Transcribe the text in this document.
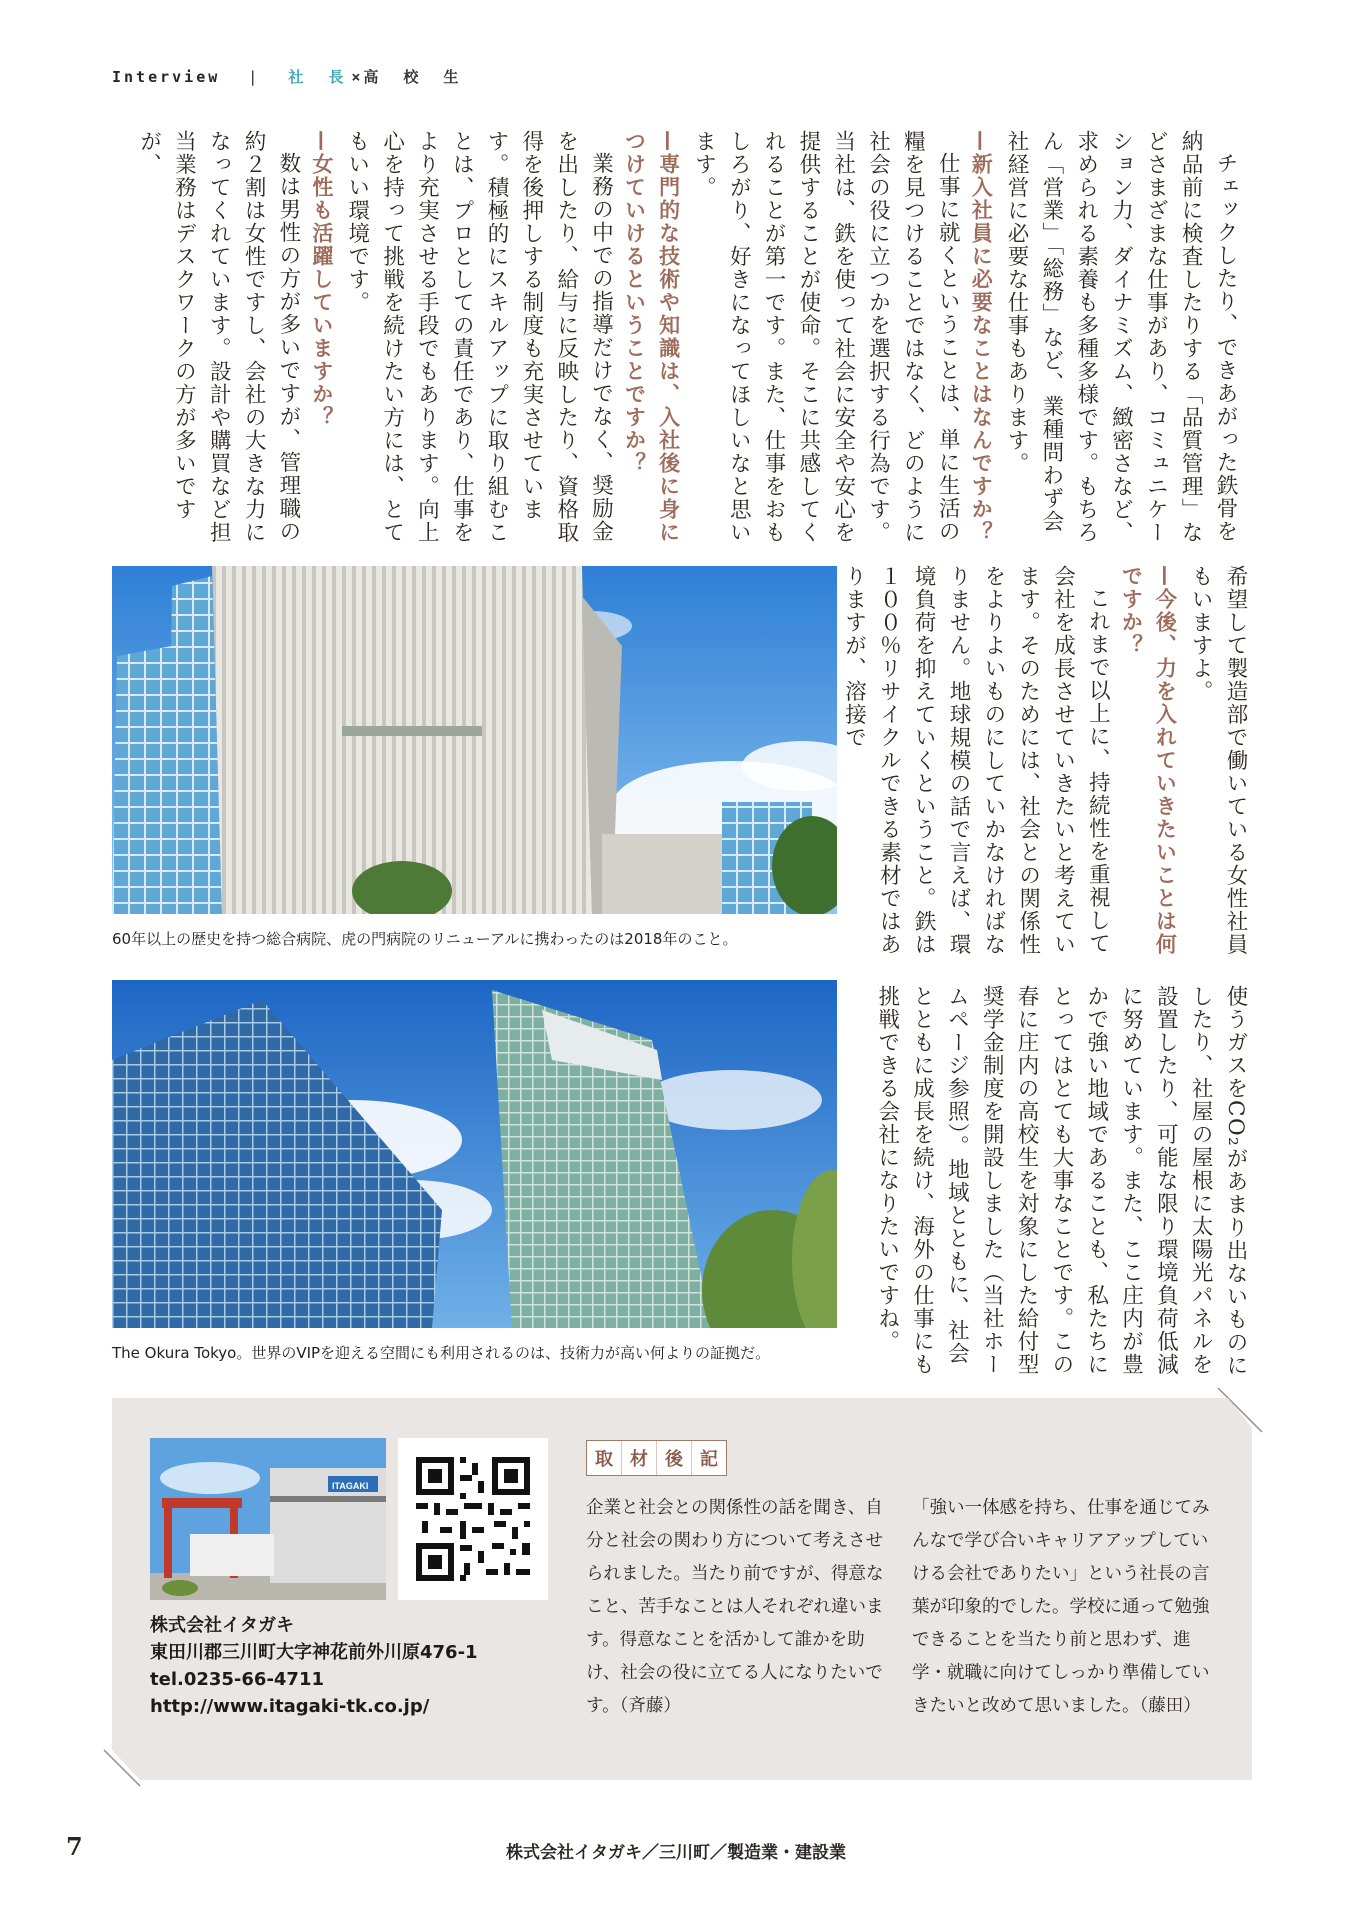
Interview | 社 長×高 校 生

チェックしたり、できあがった鉄骨を納品前に検査したりする「品質管理」などさまざまな仕事があり、コミュニケーション力、ダイナミズム、緻密さなど、求められる素養も多種多様です。もちろん「営業」「総務」など、業種問わず会社経営に必要な仕事もあります。

—新入社員に必要なことはなんですか？

仕事に就くということは、単に生活の糧を見つけることではなく、どのように社会の役に立つかを選択する行為です。当社は、鉄を使って社会に安全や安心を提供することが使命。そこに共感してくれることが第一です。また、仕事をおもしろがり、好きになってほしいなと思います。

—専門的な技術や知識は、入社後に身につけていけるということですか？

業務の中での指導だけでなく、奨励金を出したり、給与に反映したり、資格取得を後押しする制度も充実させています。積極的にスキルアップに取り組むことは、プロとしての責任であり、仕事をより充実させる手段でもあります。向上心を持って挑戦を続けたい方には、とてもいい環境です。

—女性も活躍していますか？

数は男性の方が多いですが、管理職の約２割は女性ですし、会社の大きな力になってくれています。設計や購買など担当業務はデスクワークの方が多いですが、

希望して製造部で働いている女性社員もいますよ。

—今後、力を入れていきたいことは何ですか？

これまで以上に、持続性を重視して会社を成長させていきたいと考えています。そのためには、社会との関係性をよりよいものにしていかなければなりません。地球規模の話で言えば、環境負荷を抑えていくということ。鉄は１００％リサイクルできる素材ではありますが、溶接で

使うガスをCO₂があまり出ないものにしたり、社屋の屋根に太陽光パネルを設置したり、可能な限り環境負荷低減に努めています。また、ここ庄内が豊かで強い地域であることも、私たちにとってはとても大事なことです。この春に庄内の高校生を対象にした給付型奨学金制度を開設しました（当社ホームページ参照）。地域とともに、社会とともに成長を続け、海外の仕事にも挑戦できる会社になりたいですね。

60年以上の歴史を持つ総合病院、虎の門病院のリニューアルに携わったのは2018年のこと。
The Okura Tokyo。世界のVIPを迎える空間にも利用されるのは、技術力が高い何よりの証拠だ。
ITAGAKI
株式会社イタガキ
東田川郡三川町大字神花前外川原476-1
tel.0235-66-4711
http://www.itagaki-tk.co.jp/
取 材 後 記
企業と社会との関係性の話を聞き、自分と社会の関わり方について考えさせられました。当たり前ですが、得意なこと、苦手なことは人それぞれ違います。得意なことを活かして誰かを助け、社会の役に立てる人になりたいです。（斉藤）
「強い一体感を持ち、仕事を通じてみんなで学び合いキャリアアップしていける会社でありたい」という社長の言葉が印象的でした。学校に通って勉強できることを当たり前と思わず、進学・就職に向けてしっかり準備していきたいと改めて思いました。（藤田）
7	株式会社イタガキ／三川町／製造業・建設業
